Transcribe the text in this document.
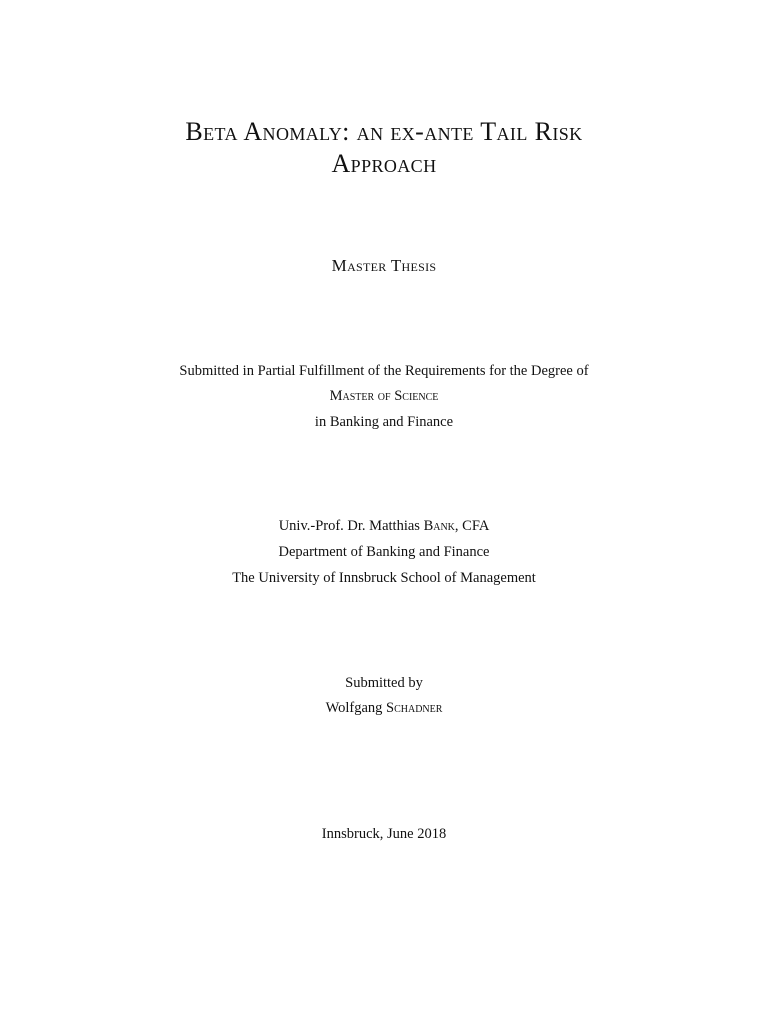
Beta Anomaly: an ex-ante Tail Risk
Approach
Master Thesis
Submitted in Partial Fulfillment of the Requirements for the Degree of
Master of Science
in Banking and Finance
Univ.-Prof. Dr. Matthias Bank, CFA
Department of Banking and Finance
The University of Innsbruck School of Management
Submitted by
Wolfgang Schadner
Innsbruck, June 2018
